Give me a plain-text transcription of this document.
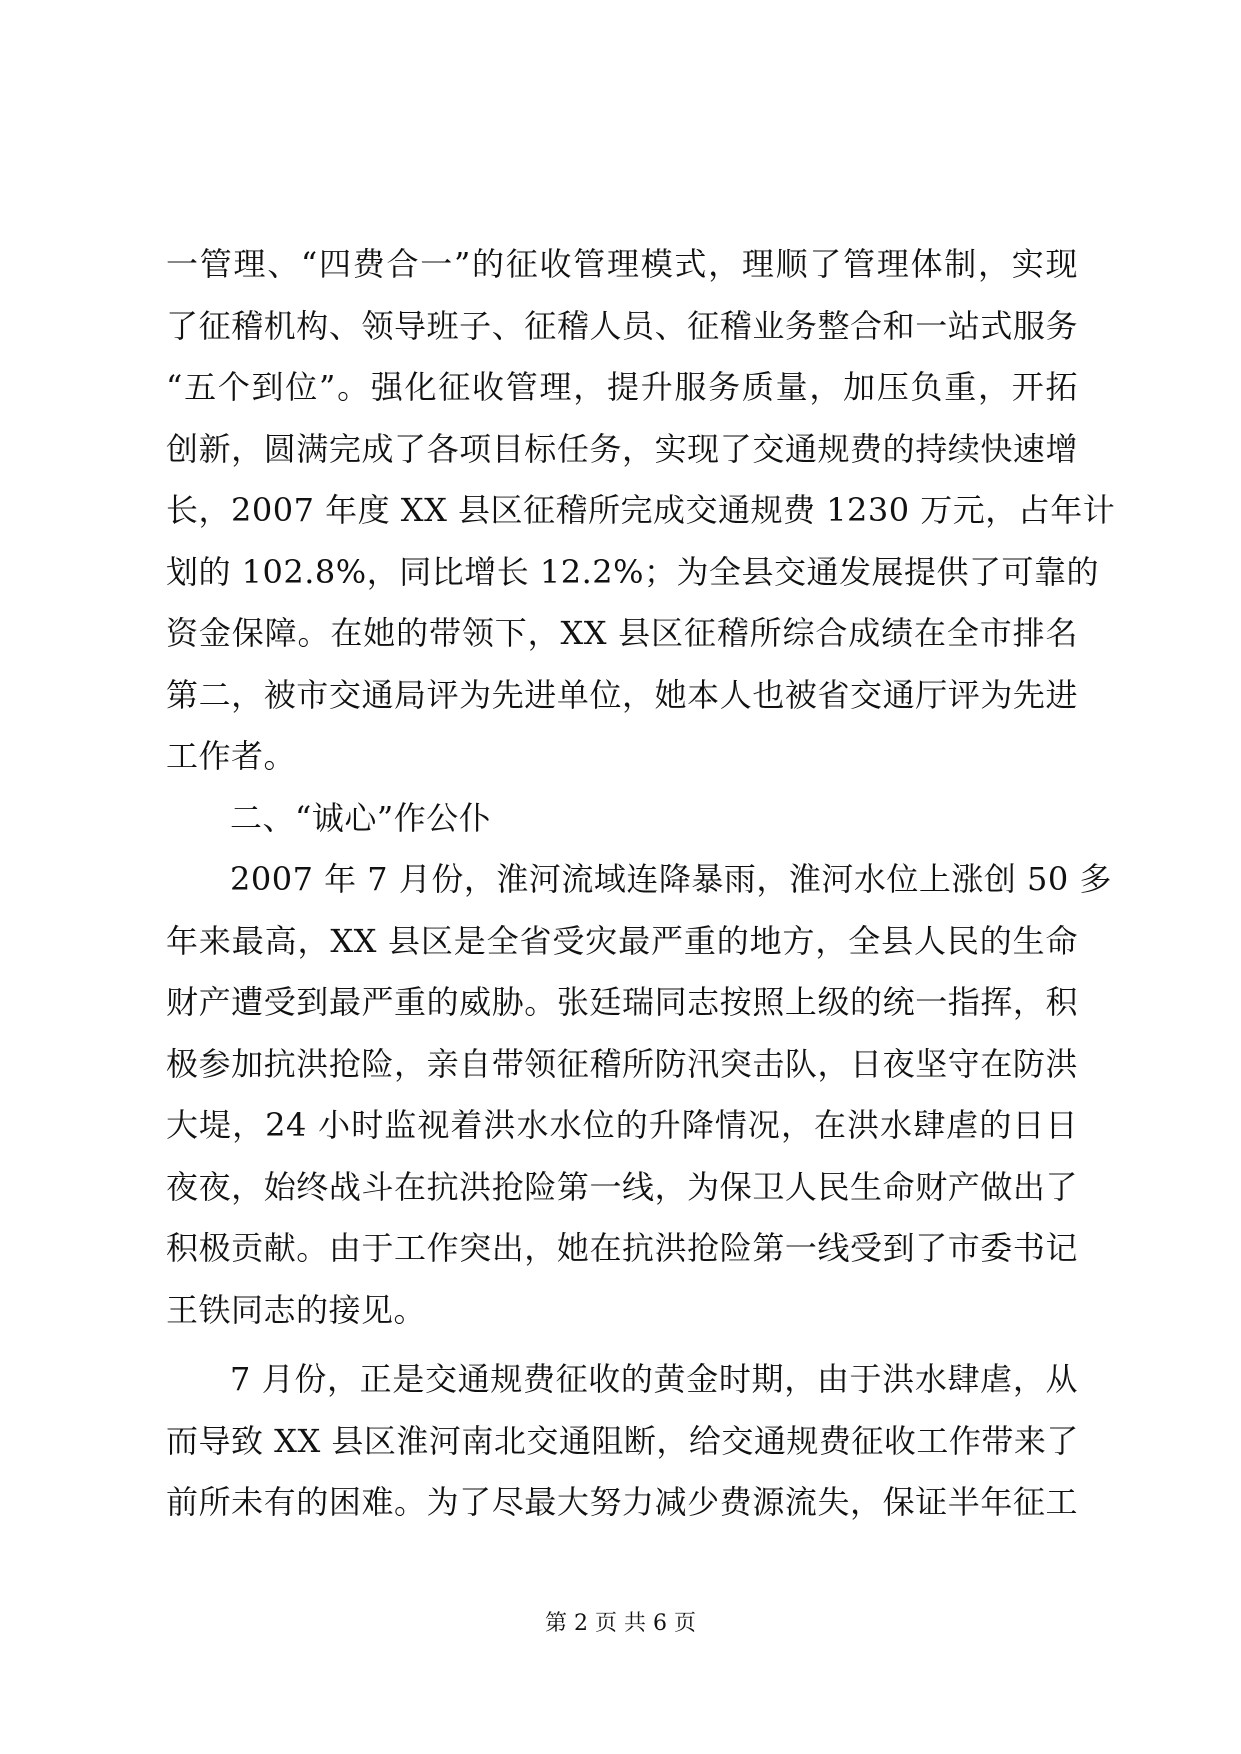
一管理、“四费合一”的征收管理模式，理顺了管理体制，实现
了征稽机构、领导班子、征稽人员、征稽业务整合和一站式服务
“五个到位”。强化征收管理，提升服务质量，加压负重，开拓
创新，圆满完成了各项目标任务，实现了交通规费的持续快速增
长，2007 年度 XX 县区征稽所完成交通规费 1230 万元，占年计
划的 102.8%，同比增长 12.2%；为全县交通发展提供了可靠的
资金保障。在她的带领下，XX 县区征稽所综合成绩在全市排名
第二，被市交通局评为先进单位，她本人也被省交通厅评为先进
工作者。
二、“诚心”作公仆
2007 年 7 月份，淮河流域连降暴雨，淮河水位上涨创 50 多
年来最高，XX 县区是全省受灾最严重的地方，全县人民的生命
财产遭受到最严重的威胁。张廷瑞同志按照上级的统一指挥，积
极参加抗洪抢险，亲自带领征稽所防汛突击队，日夜坚守在防洪
大堤，24 小时监视着洪水水位的升降情况，在洪水肆虐的日日
夜夜，始终战斗在抗洪抢险第一线，为保卫人民生命财产做出了
积极贡献。由于工作突出，她在抗洪抢险第一线受到了市委书记
王铁同志的接见。
7 月份，正是交通规费征收的黄金时期，由于洪水肆虐，从
而导致 XX 县区淮河南北交通阻断，给交通规费征收工作带来了
前所未有的困难。为了尽最大努力减少费源流失，保证半年征工
第 2 页 共 6 页
